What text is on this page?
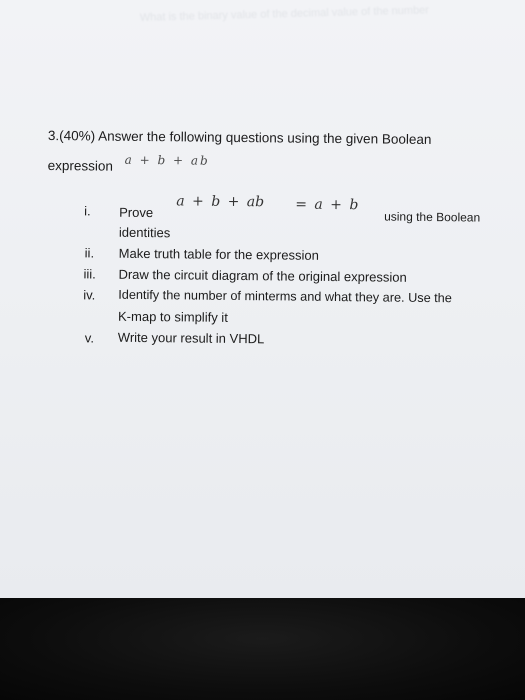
What is the binary value of the decimal value of the number
3.(40%) Answer the following questions using the given Boolean
expression a + b + ab
i. Prove
a + b + ab = a + b
using the Boolean
identities
ii. Make truth table for the expression
iii. Draw the circuit diagram of the original expression
iv. Identify the number of minterms and what they are. Use the
K-map to simplify it
v. Write your result in VHDL
